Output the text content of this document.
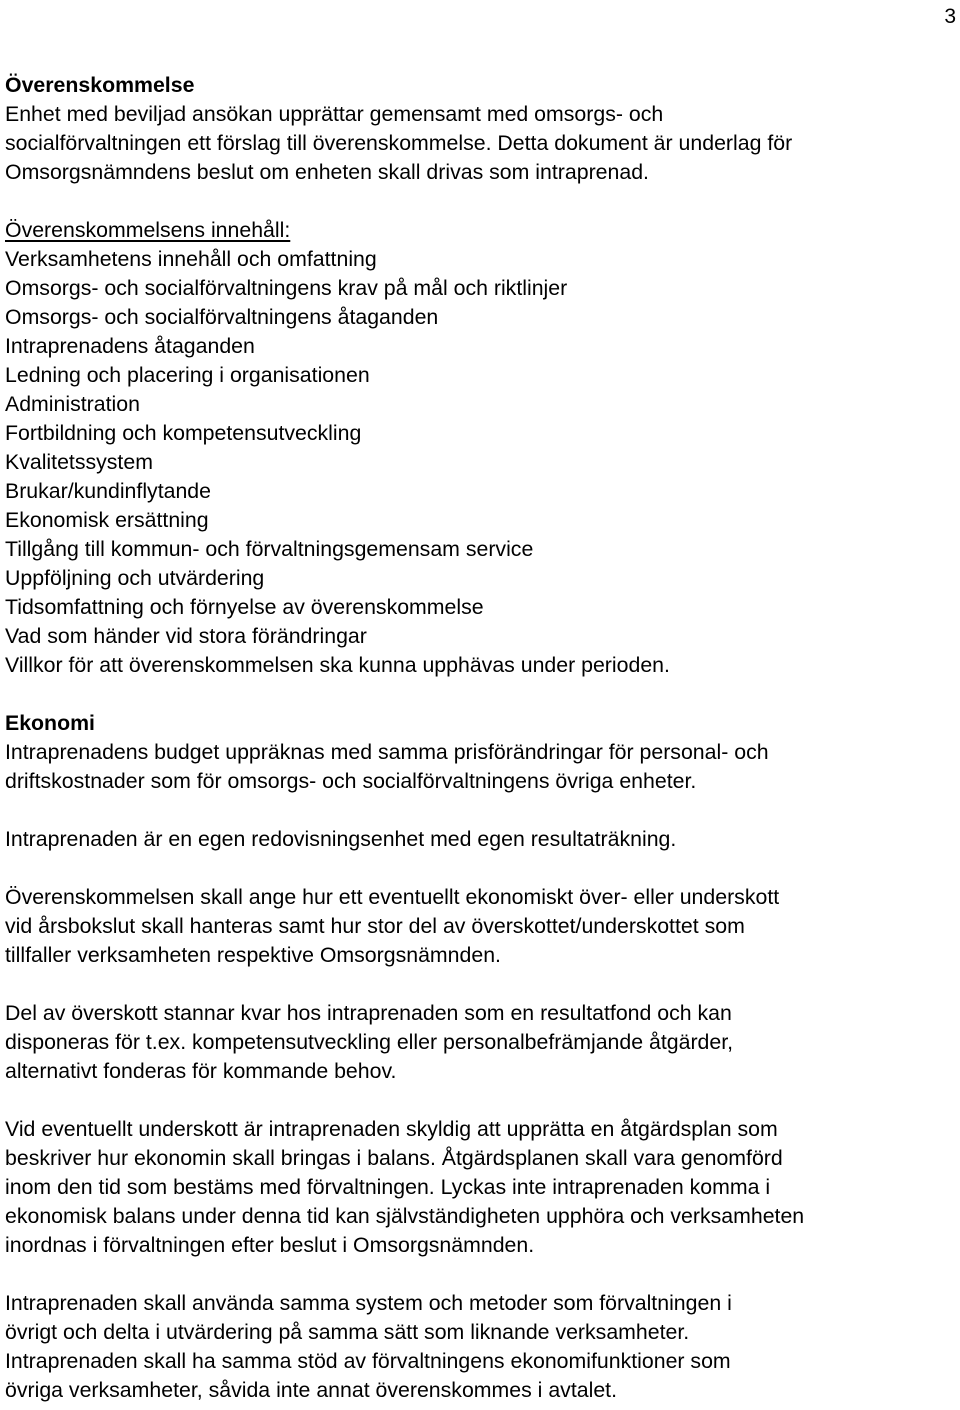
3
Överenskommelse

Enhet med beviljad ansökan upprättar gemensamt med omsorgs- och
socialförvaltningen ett förslag till överenskommelse. Detta dokument är underlag för
Omsorgsnämndens beslut om enheten skall drivas som intraprenad.

Överenskommelsens innehåll:
Verksamhetens innehåll och omfattning
Omsorgs- och socialförvaltningens krav på mål och riktlinjer
Omsorgs- och socialförvaltningens åtaganden
Intraprenadens åtaganden
Ledning och placering i organisationen
Administration
Fortbildning och kompetensutveckling
Kvalitetssystem
Brukar/kundinflytande
Ekonomisk ersättning
Tillgång till kommun- och förvaltningsgemensam service
Uppföljning och utvärdering
Tidsomfattning och förnyelse av överenskommelse
Vad som händer vid stora förändringar
Villkor för att överenskommelsen ska kunna upphävas under perioden.
Ekonomi

Intraprenadens budget uppräknas med samma prisförändringar för personal- och
driftskostnader som för omsorgs- och socialförvaltningens övriga enheter.

Intraprenaden är en egen redovisningsenhet med egen resultaträkning.

Överenskommelsen skall ange hur ett eventuellt ekonomiskt över- eller underskott
vid årsbokslut skall hanteras samt hur stor del av överskottet/underskottet som
tillfaller verksamheten respektive Omsorgsnämnden.

Del av överskott stannar kvar hos intraprenaden som en resultatfond och kan
disponeras för t.ex. kompetensutveckling eller personalbefrämjande åtgärder,
alternativt fonderas för kommande behov.

Vid eventuellt underskott är intraprenaden skyldig att upprätta en åtgärdsplan som
beskriver hur ekonomin skall bringas i balans. Åtgärdsplanen skall vara genomförd
inom den tid som bestäms med förvaltningen. Lyckas inte intraprenaden komma i
ekonomisk balans under denna tid kan självständigheten upphöra och verksamheten
inordnas i förvaltningen efter beslut i Omsorgsnämnden.

Intraprenaden skall använda samma system och metoder som förvaltningen i
övrigt och delta i utvärdering på samma sätt som liknande verksamheter.
Intraprenaden skall ha samma stöd av förvaltningens ekonomifunktioner som
övriga verksamheter, såvida inte annat överenskommes i avtalet.
